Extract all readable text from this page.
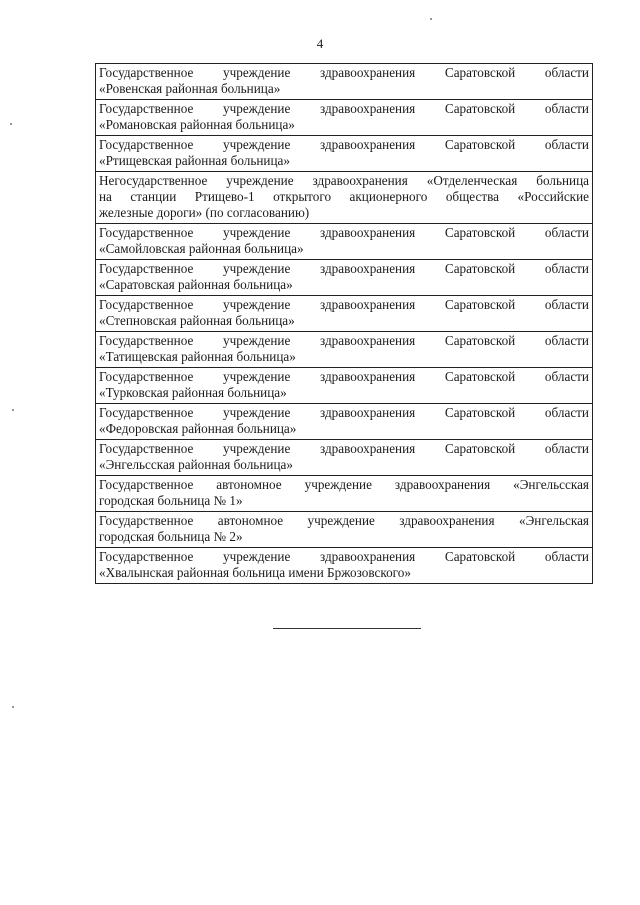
4
Государственное учреждение здравоохранения Саратовской области
«Ровенская районная больница»

Государственное учреждение здравоохранения Саратовской области
«Романовская районная больница»

Государственное учреждение здравоохранения Саратовской области
«Ртищевская районная больница»

Негосударственное учреждение здравоохранения «Отделенческая больница
на станции Ртищево-1 открытого акционерного общества «Российские
железные дороги» (по согласованию)

Государственное учреждение здравоохранения Саратовской области
«Самойловская районная больница»

Государственное учреждение здравоохранения Саратовской области
«Саратовская районная больница»

Государственное учреждение здравоохранения Саратовской области
«Степновская районная больница»

Государственное учреждение здравоохранения Саратовской области
«Татищевская районная больница»

Государственное учреждение здравоохранения Саратовской области
«Турковская районная больница»

Государственное учреждение здравоохранения Саратовской области
«Федоровская районная больница»

Государственное учреждение здравоохранения Саратовской области
«Энгельсская районная больница»

Государственное автономное учреждение здравоохранения «Энгельсская
городская больница № 1»

Государственное автономное учреждение здравоохранения «Энгельская
городская больница № 2»

Государственное учреждение здравоохранения Саратовской области
«Хвалынская районная больница имени Бржозовского»
